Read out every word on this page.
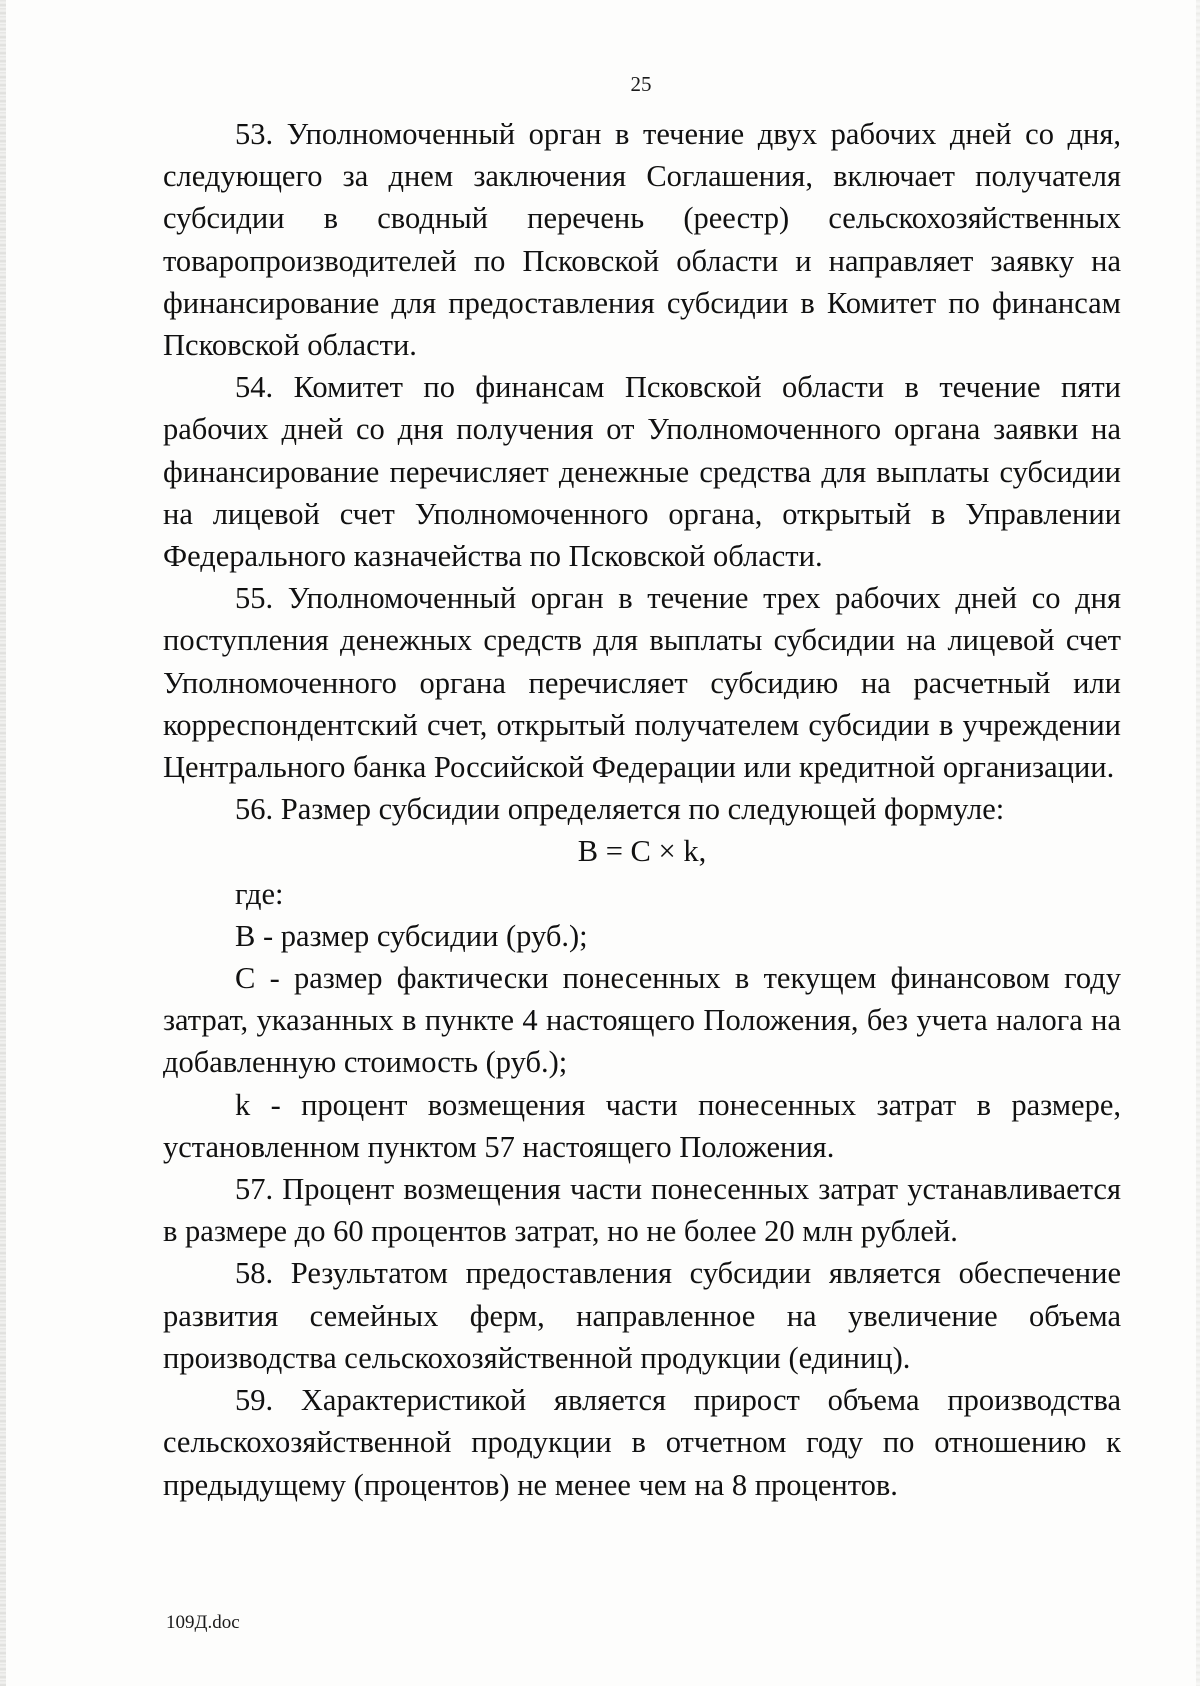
25

53. Уполномоченный орган в течение двух рабочих дней со дня, следующего за днем заключения Соглашения, включает получателя субсидии в сводный перечень (реестр) сельскохозяйственных товаропроизводителей по Псковской области и направляет заявку на финансирование для предоставления субсидии в Комитет по финансам Псковской области.

54. Комитет по финансам Псковской области в течение пяти рабочих дней со дня получения от Уполномоченного органа заявки на финансирование перечисляет денежные средства для выплаты субсидии на лицевой счет Уполномоченного органа, открытый в Управлении Федерального казначейства по Псковской области.

55. Уполномоченный орган в течение трех рабочих дней со дня поступления денежных средств для выплаты субсидии на лицевой счет Уполномоченного органа перечисляет субсидию на расчетный или корреспондентский счет, открытый получателем субсидии в учреждении Центрального банка Российской Федерации или кредитной организации.

56. Размер субсидии определяется по следующей формуле:

B = C × k,

где:

B - размер субсидии (руб.);

C - размер фактически понесенных в текущем финансовом году затрат, указанных в пункте 4 настоящего Положения, без учета налога на добавленную стоимость (руб.);

k - процент возмещения части понесенных затрат в размере, установленном пунктом 57 настоящего Положения.

57. Процент возмещения части понесенных затрат устанавливается в размере до 60 процентов затрат, но не более 20 млн рублей.

58. Результатом предоставления субсидии является обеспечение развития семейных ферм, направленное на увеличение объема производства сельскохозяйственной продукции (единиц).

59. Характеристикой является прирост объема производства сельскохозяйственной продукции в отчетном году по отношению к предыдущему (процентов) не менее чем на 8 процентов.

109Д.doc
